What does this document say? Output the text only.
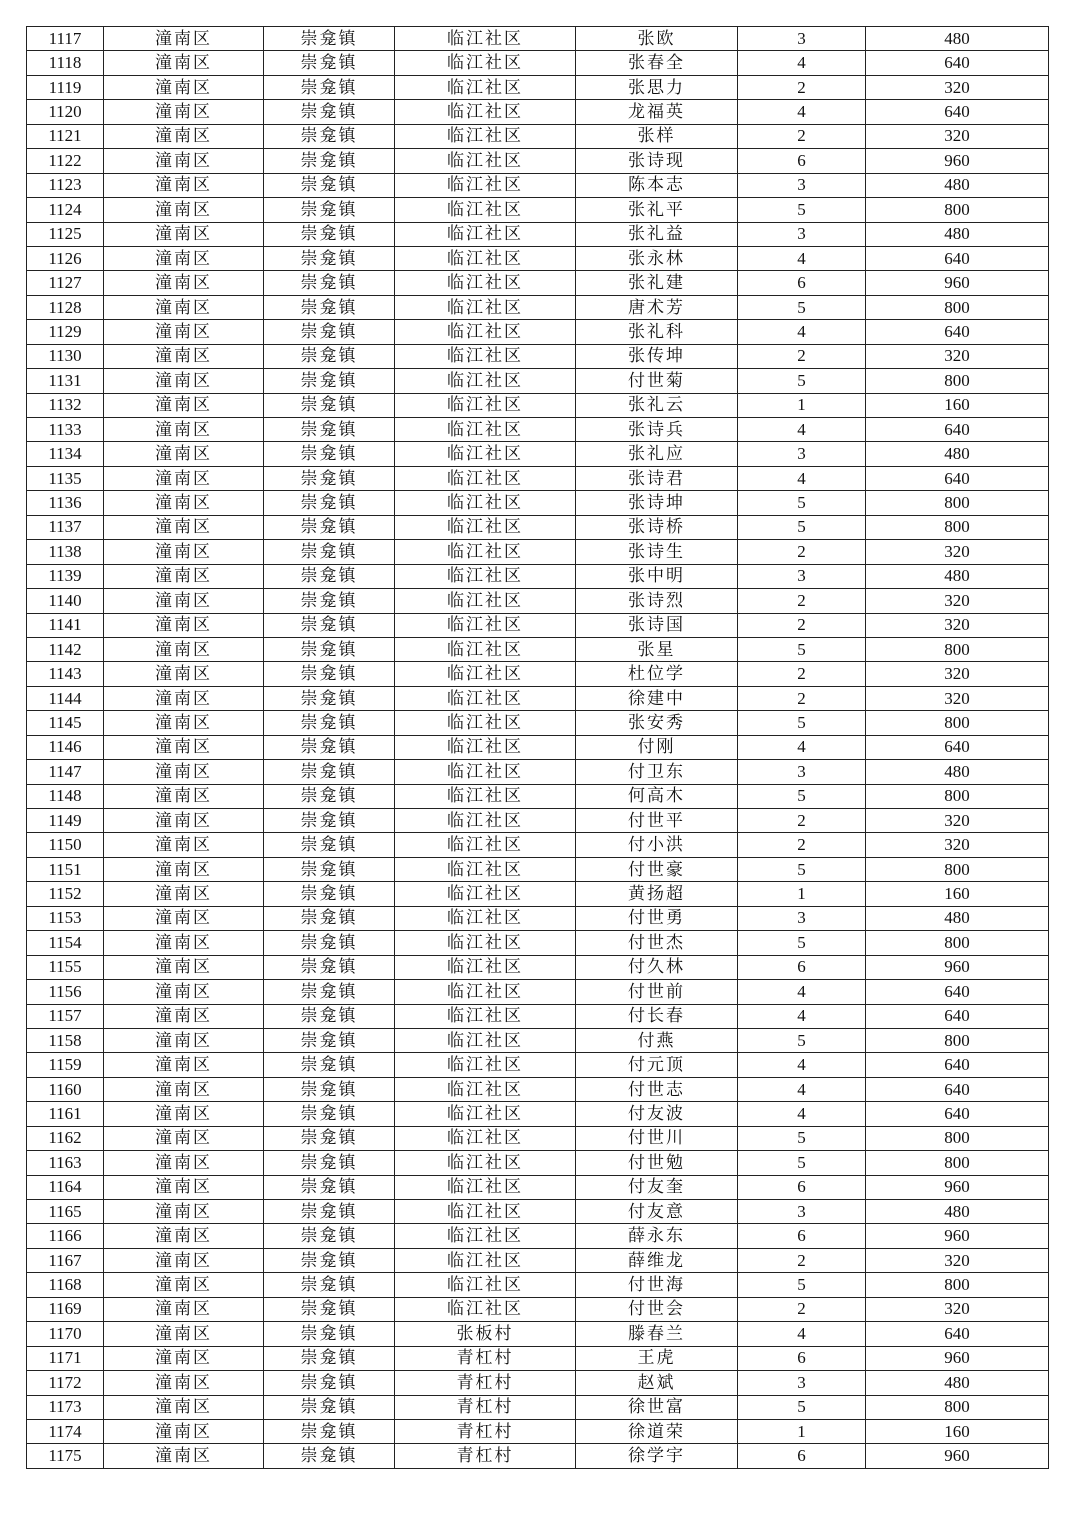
1117	潼南区	崇龛镇	临江社区	张欧	3	480
1118	潼南区	崇龛镇	临江社区	张春全	4	640
1119	潼南区	崇龛镇	临江社区	张思力	2	320
1120	潼南区	崇龛镇	临江社区	龙福英	4	640
1121	潼南区	崇龛镇	临江社区	张样	2	320
1122	潼南区	崇龛镇	临江社区	张诗现	6	960
1123	潼南区	崇龛镇	临江社区	陈本志	3	480
1124	潼南区	崇龛镇	临江社区	张礼平	5	800
1125	潼南区	崇龛镇	临江社区	张礼益	3	480
1126	潼南区	崇龛镇	临江社区	张永林	4	640
1127	潼南区	崇龛镇	临江社区	张礼建	6	960
1128	潼南区	崇龛镇	临江社区	唐术芳	5	800
1129	潼南区	崇龛镇	临江社区	张礼科	4	640
1130	潼南区	崇龛镇	临江社区	张传坤	2	320
1131	潼南区	崇龛镇	临江社区	付世菊	5	800
1132	潼南区	崇龛镇	临江社区	张礼云	1	160
1133	潼南区	崇龛镇	临江社区	张诗兵	4	640
1134	潼南区	崇龛镇	临江社区	张礼应	3	480
1135	潼南区	崇龛镇	临江社区	张诗君	4	640
1136	潼南区	崇龛镇	临江社区	张诗坤	5	800
1137	潼南区	崇龛镇	临江社区	张诗桥	5	800
1138	潼南区	崇龛镇	临江社区	张诗生	2	320
1139	潼南区	崇龛镇	临江社区	张中明	3	480
1140	潼南区	崇龛镇	临江社区	张诗烈	2	320
1141	潼南区	崇龛镇	临江社区	张诗国	2	320
1142	潼南区	崇龛镇	临江社区	张星	5	800
1143	潼南区	崇龛镇	临江社区	杜位学	2	320
1144	潼南区	崇龛镇	临江社区	徐建中	2	320
1145	潼南区	崇龛镇	临江社区	张安秀	5	800
1146	潼南区	崇龛镇	临江社区	付刚	4	640
1147	潼南区	崇龛镇	临江社区	付卫东	3	480
1148	潼南区	崇龛镇	临江社区	何高木	5	800
1149	潼南区	崇龛镇	临江社区	付世平	2	320
1150	潼南区	崇龛镇	临江社区	付小洪	2	320
1151	潼南区	崇龛镇	临江社区	付世豪	5	800
1152	潼南区	崇龛镇	临江社区	黄扬超	1	160
1153	潼南区	崇龛镇	临江社区	付世勇	3	480
1154	潼南区	崇龛镇	临江社区	付世杰	5	800
1155	潼南区	崇龛镇	临江社区	付久林	6	960
1156	潼南区	崇龛镇	临江社区	付世前	4	640
1157	潼南区	崇龛镇	临江社区	付长春	4	640
1158	潼南区	崇龛镇	临江社区	付燕	5	800
1159	潼南区	崇龛镇	临江社区	付元顶	4	640
1160	潼南区	崇龛镇	临江社区	付世志	4	640
1161	潼南区	崇龛镇	临江社区	付友波	4	640
1162	潼南区	崇龛镇	临江社区	付世川	5	800
1163	潼南区	崇龛镇	临江社区	付世勉	5	800
1164	潼南区	崇龛镇	临江社区	付友奎	6	960
1165	潼南区	崇龛镇	临江社区	付友意	3	480
1166	潼南区	崇龛镇	临江社区	薛永东	6	960
1167	潼南区	崇龛镇	临江社区	薛维龙	2	320
1168	潼南区	崇龛镇	临江社区	付世海	5	800
1169	潼南区	崇龛镇	临江社区	付世会	2	320
1170	潼南区	崇龛镇	张板村	滕春兰	4	640
1171	潼南区	崇龛镇	青杠村	王虎	6	960
1172	潼南区	崇龛镇	青杠村	赵斌	3	480
1173	潼南区	崇龛镇	青杠村	徐世富	5	800
1174	潼南区	崇龛镇	青杠村	徐道荣	1	160
1175	潼南区	崇龛镇	青杠村	徐学宇	6	960
